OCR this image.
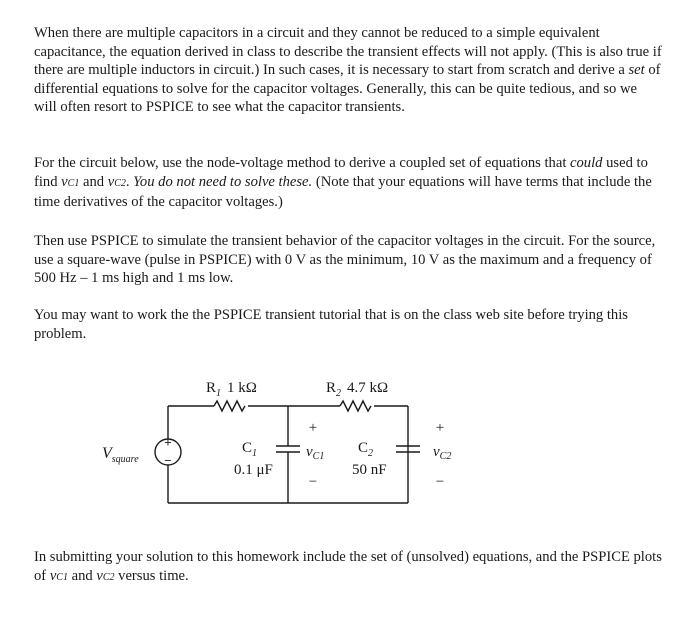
When there are multiple capacitors in a circuit and they cannot be reduced to a simple equivalent capacitance, the equation derived in class to describe the transient effects will not apply. (This is also true if there are multiple inductors in circuit.) In such cases, it is necessary to start from scratch and derive a set of differential equations to solve for the capacitor voltages. Generally, this can be quite tedious, and so we will often resort to PSPICE to see what the capacitor transients.

For the circuit below, use the node-voltage method to derive a coupled set of equations that could used to find vC1 and vC2. You do not need to solve these. (Note that your equations will have terms that include the time derivatives of the capacitor voltages.)

Then use PSPICE to simulate the transient behavior of the capacitor voltages in the circuit. For the source, use a square-wave (pulse in PSPICE) with 0 V as the minimum, 10 V as the maximum and a frequency of 500 Hz – 1 ms high and 1 ms low.

You may want to work the the PSPICE transient tutorial that is on the class web site before trying this problem.

+
−
$V_{square}$
$R_1$ 1 kΩ	$R_2$ 4.7 kΩ
$C_1$
0.1 μF
$C_2$
50 nF
+
$v_{C1}$
−
+
$v_{C2}$
−

In submitting your solution to this homework include the set of (unsolved) equations, and the PSPICE plots of vC1 and vC2 versus time.
